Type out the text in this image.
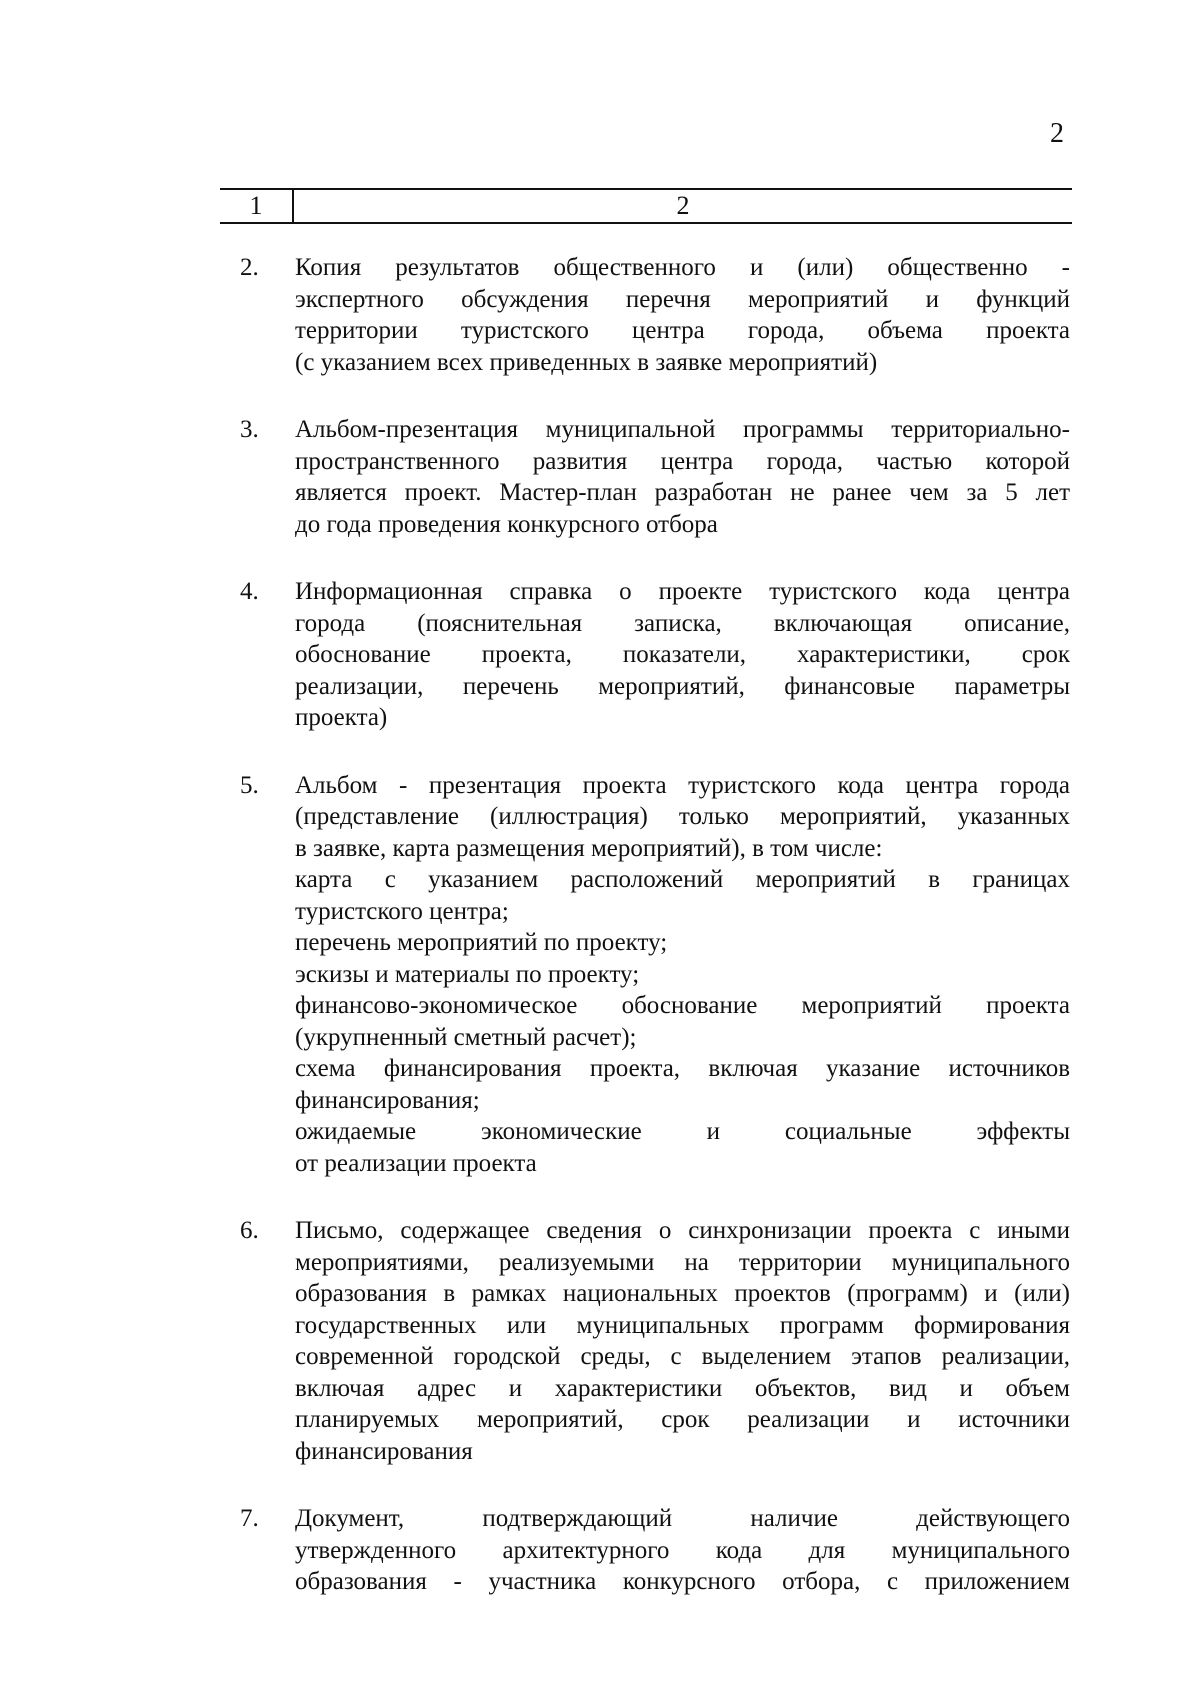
2
1	2
2.	Копия результатов общественного и (или) общественно -
экспертного обсуждения перечня мероприятий и функций
территории туристского центра города, объема проекта
(с указанием всех приведенных в заявке мероприятий)
3.	Альбом-презентация муниципальной программы территориально-
пространственного развития центра города, частью которой
является проект. Мастер-план разработан не ранее чем за 5 лет
до года проведения конкурсного отбора
4.	Информационная справка о проекте туристского кода центра
города (пояснительная записка, включающая описание,
обоснование проекта, показатели, характеристики, срок
реализации, перечень мероприятий, финансовые параметры
проекта)
5.	Альбом - презентация проекта туристского кода центра города
(представление (иллюстрация) только мероприятий, указанных
в заявке, карта размещения мероприятий), в том числе:
карта с указанием расположений мероприятий в границах
туристского центра;
перечень мероприятий по проекту;
эскизы и материалы по проекту;
финансово-экономическое обоснование мероприятий проекта
(укрупненный сметный расчет);
схема финансирования проекта, включая указание источников
финансирования;
ожидаемые экономические и социальные эффекты
от реализации проекта
6.	Письмо, содержащее сведения о синхронизации проекта с иными
мероприятиями, реализуемыми на территории муниципального
образования в рамках национальных проектов (программ) и (или)
государственных или муниципальных программ формирования
современной городской среды, с выделением этапов реализации,
включая адрес и характеристики объектов, вид и объем
планируемых мероприятий, срок реализации и источники
финансирования
7.	Документ, подтверждающий наличие действующего
утвержденного архитектурного кода для муниципального
образования - участника конкурсного отбора, с приложением
